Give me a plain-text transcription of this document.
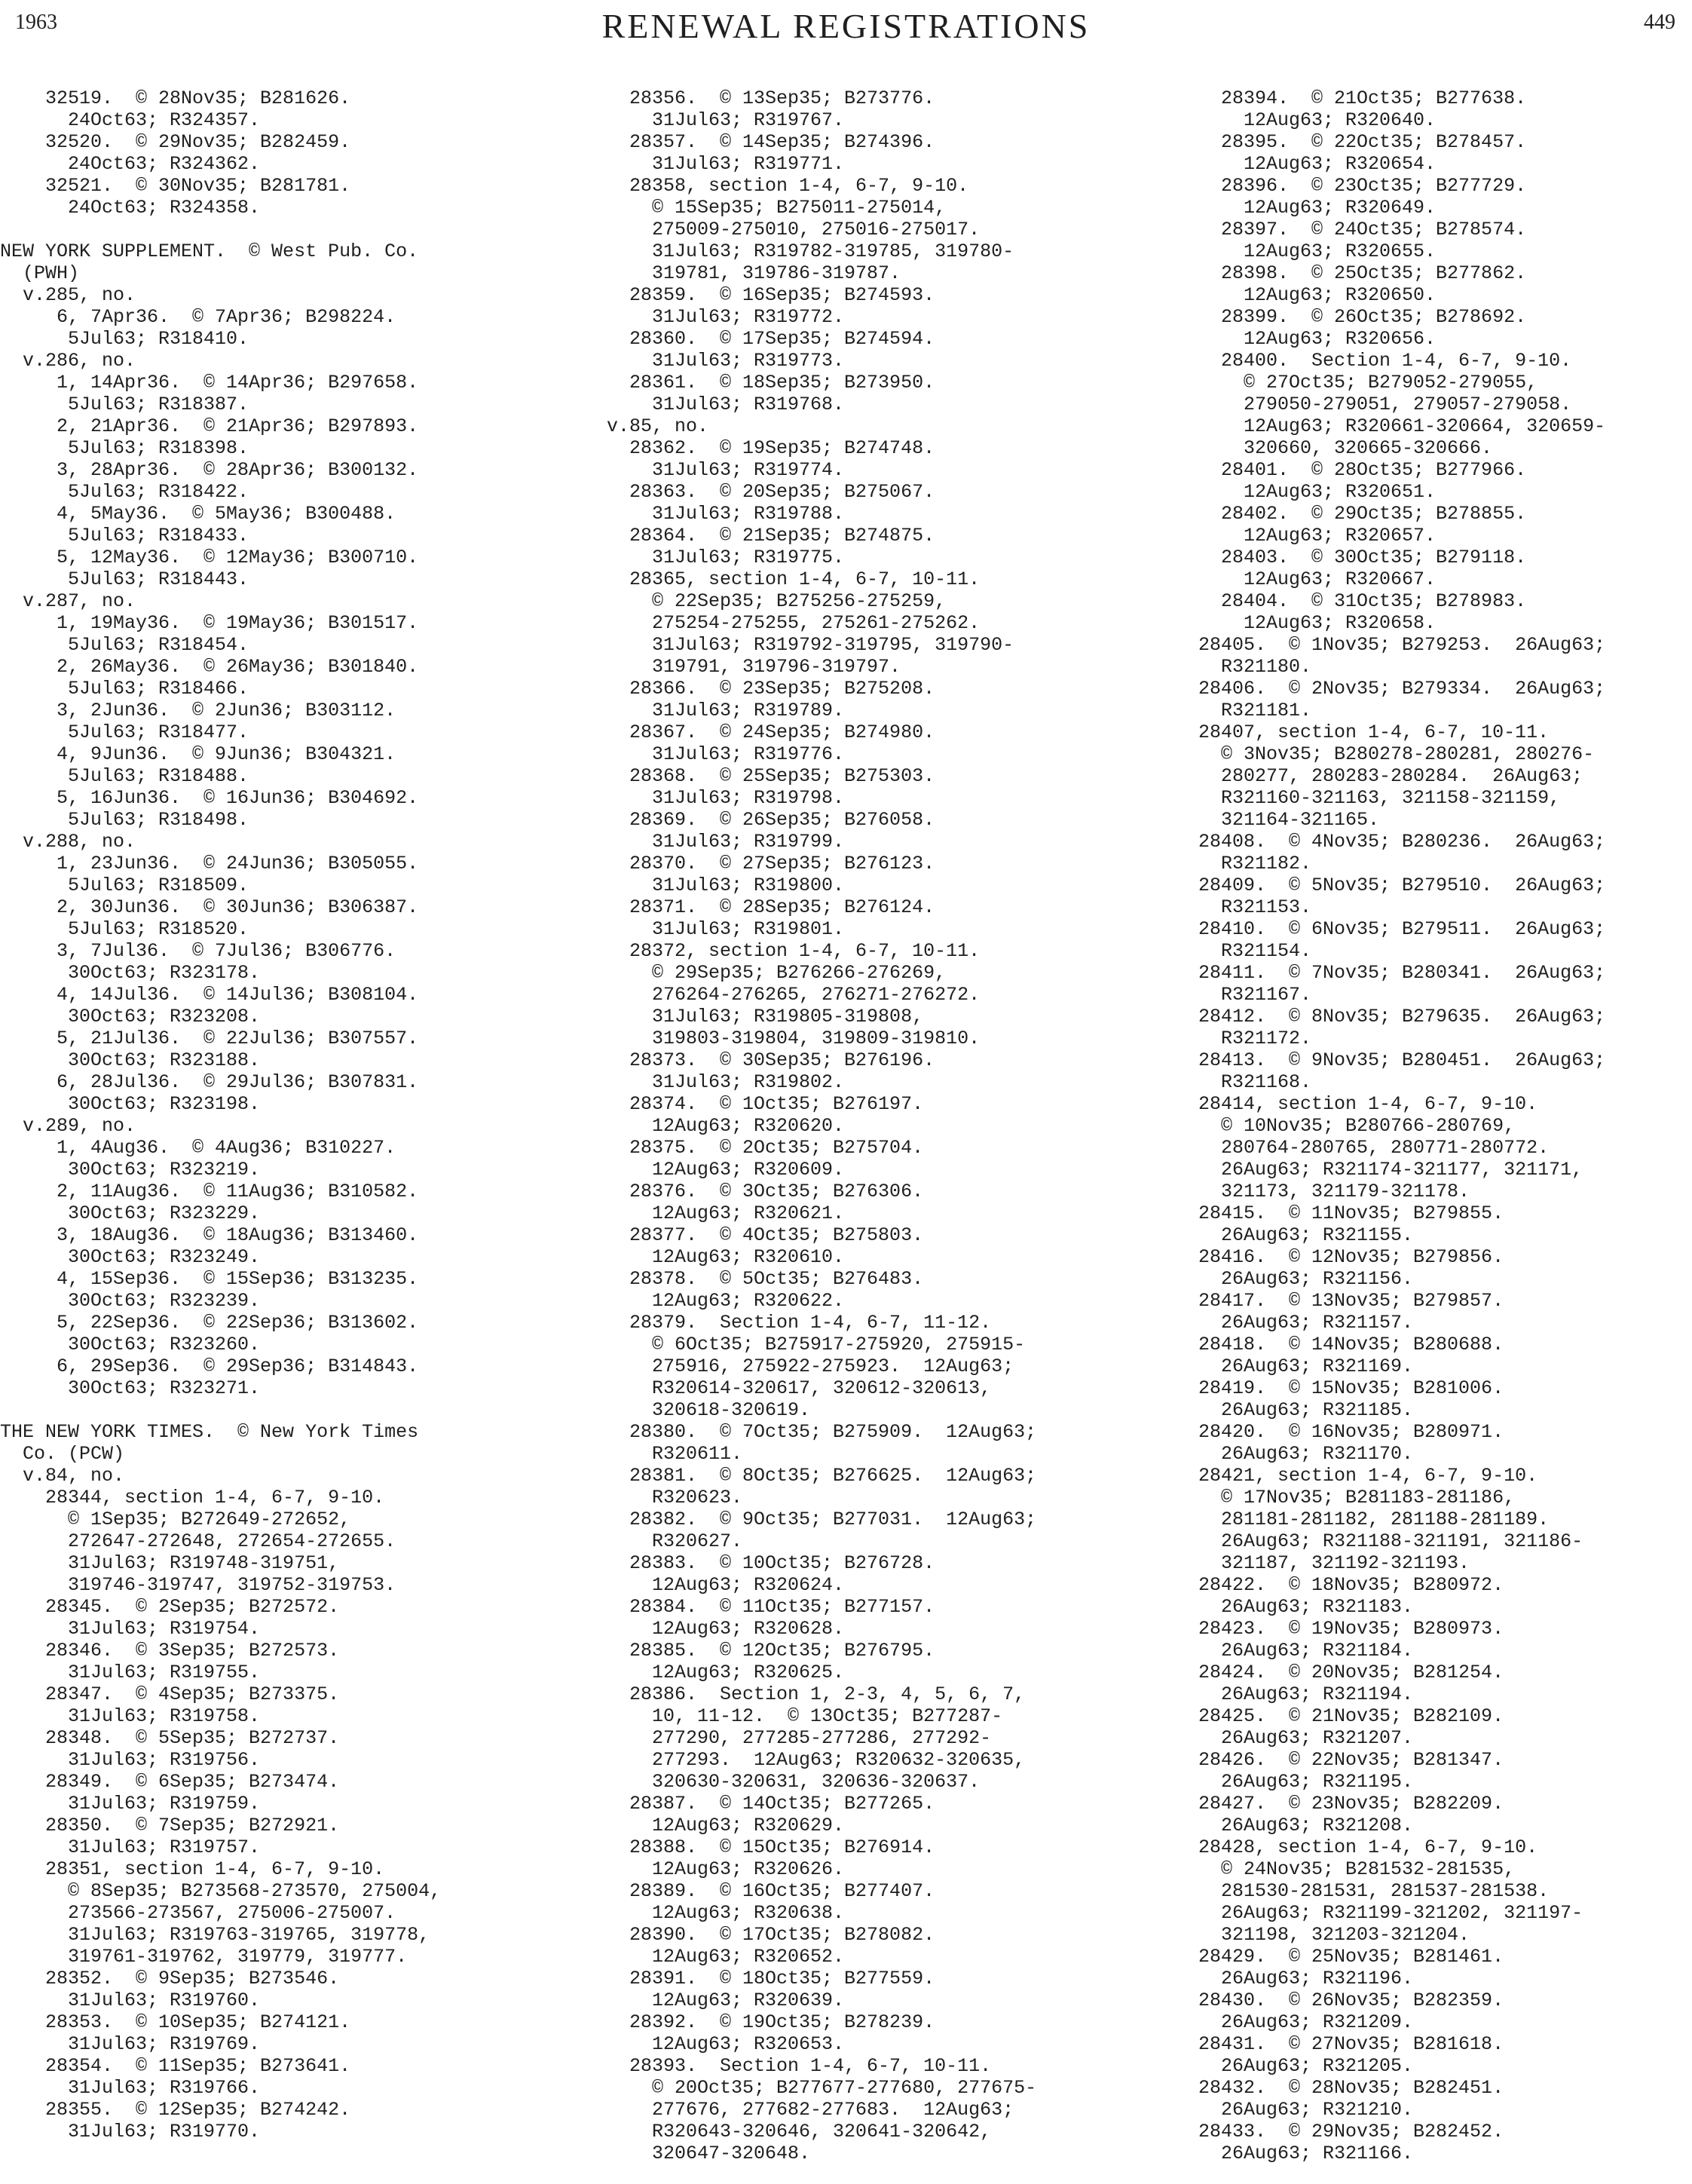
1963	RENEWAL REGISTRATIONS	449
32519.  © 28Nov35; B281626.
24Oct63; R324357.
32520.  © 29Nov35; B282459.
24Oct63; R324362.
32521.  © 30Nov35; B281781.
24Oct63; R324358.
NEW YORK SUPPLEMENT.  © West Pub. Co.
(PWH)
v.285, no.
6, 7Apr36.  © 7Apr36; B298224.
5Jul63; R318410.
v.286, no.
1, 14Apr36.  © 14Apr36; B297658.
5Jul63; R318387.
2, 21Apr36.  © 21Apr36; B297893.
5Jul63; R318398.
3, 28Apr36.  © 28Apr36; B300132.
5Jul63; R318422.
4, 5May36.  © 5May36; B300488.
5Jul63; R318433.
5, 12May36.  © 12May36; B300710.
5Jul63; R318443.
v.287, no.
1, 19May36.  © 19May36; B301517.
5Jul63; R318454.
2, 26May36.  © 26May36; B301840.
5Jul63; R318466.
3, 2Jun36.  © 2Jun36; B303112.
5Jul63; R318477.
4, 9Jun36.  © 9Jun36; B304321.
5Jul63; R318488.
5, 16Jun36.  © 16Jun36; B304692.
5Jul63; R318498.
v.288, no.
1, 23Jun36.  © 24Jun36; B305055.
5Jul63; R318509.
2, 30Jun36.  © 30Jun36; B306387.
5Jul63; R318520.
3, 7Jul36.  © 7Jul36; B306776.
30Oct63; R323178.
4, 14Jul36.  © 14Jul36; B308104.
30Oct63; R323208.
5, 21Jul36.  © 22Jul36; B307557.
30Oct63; R323188.
6, 28Jul36.  © 29Jul36; B307831.
30Oct63; R323198.
v.289, no.
1, 4Aug36.  © 4Aug36; B310227.
30Oct63; R323219.
2, 11Aug36.  © 11Aug36; B310582.
30Oct63; R323229.
3, 18Aug36.  © 18Aug36; B313460.
30Oct63; R323249.
4, 15Sep36.  © 15Sep36; B313235.
30Oct63; R323239.
5, 22Sep36.  © 22Sep36; B313602.
30Oct63; R323260.
6, 29Sep36.  © 29Sep36; B314843.
30Oct63; R323271.
THE NEW YORK TIMES.  © New York Times
Co. (PCW)
v.84, no.
28344, section 1-4, 6-7, 9-10.
© 1Sep35; B272649-272652,
272647-272648, 272654-272655.
31Jul63; R319748-319751,
319746-319747, 319752-319753.
28345.  © 2Sep35; B272572.
31Jul63; R319754.
28346.  © 3Sep35; B272573.
31Jul63; R319755.
28347.  © 4Sep35; B273375.
31Jul63; R319758.
28348.  © 5Sep35; B272737.
31Jul63; R319756.
28349.  © 6Sep35; B273474.
31Jul63; R319759.
28350.  © 7Sep35; B272921.
31Jul63; R319757.
28351, section 1-4, 6-7, 9-10.
© 8Sep35; B273568-273570, 275004,
273566-273567, 275006-275007.
31Jul63; R319763-319765, 319778,
319761-319762, 319779, 319777.
28352.  © 9Sep35; B273546.
31Jul63; R319760.
28353.  © 10Sep35; B274121.
31Jul63; R319769.
28354.  © 11Sep35; B273641.
31Jul63; R319766.
28355.  © 12Sep35; B274242.
31Jul63; R319770.
28356.  © 13Sep35; B273776.
31Jul63; R319767.
28357.  © 14Sep35; B274396.
31Jul63; R319771.
28358, section 1-4, 6-7, 9-10.
© 15Sep35; B275011-275014,
275009-275010, 275016-275017.
31Jul63; R319782-319785, 319780-
319781, 319786-319787.
28359.  © 16Sep35; B274593.
31Jul63; R319772.
28360.  © 17Sep35; B274594.
31Jul63; R319773.
28361.  © 18Sep35; B273950.
31Jul63; R319768.
v.85, no.
28362.  © 19Sep35; B274748.
31Jul63; R319774.
28363.  © 20Sep35; B275067.
31Jul63; R319788.
28364.  © 21Sep35; B274875.
31Jul63; R319775.
28365, section 1-4, 6-7, 10-11.
© 22Sep35; B275256-275259,
275254-275255, 275261-275262.
31Jul63; R319792-319795, 319790-
319791, 319796-319797.
28366.  © 23Sep35; B275208.
31Jul63; R319789.
28367.  © 24Sep35; B274980.
31Jul63; R319776.
28368.  © 25Sep35; B275303.
31Jul63; R319798.
28369.  © 26Sep35; B276058.
31Jul63; R319799.
28370.  © 27Sep35; B276123.
31Jul63; R319800.
28371.  © 28Sep35; B276124.
31Jul63; R319801.
28372, section 1-4, 6-7, 10-11.
© 29Sep35; B276266-276269,
276264-276265, 276271-276272.
31Jul63; R319805-319808,
319803-319804, 319809-319810.
28373.  © 30Sep35; B276196.
31Jul63; R319802.
28374.  © 1Oct35; B276197.
12Aug63; R320620.
28375.  © 2Oct35; B275704.
12Aug63; R320609.
28376.  © 3Oct35; B276306.
12Aug63; R320621.
28377.  © 4Oct35; B275803.
12Aug63; R320610.
28378.  © 5Oct35; B276483.
12Aug63; R320622.
28379.  Section 1-4, 6-7, 11-12.
© 6Oct35; B275917-275920, 275915-
275916, 275922-275923.  12Aug63;
R320614-320617, 320612-320613,
320618-320619.
28380.  © 7Oct35; B275909.  12Aug63;
R320611.
28381.  © 8Oct35; B276625.  12Aug63;
R320623.
28382.  © 9Oct35; B277031.  12Aug63;
R320627.
28383.  © 10Oct35; B276728.
12Aug63; R320624.
28384.  © 11Oct35; B277157.
12Aug63; R320628.
28385.  © 12Oct35; B276795.
12Aug63; R320625.
28386.  Section 1, 2-3, 4, 5, 6, 7,
10, 11-12.  © 13Oct35; B277287-
277290, 277285-277286, 277292-
277293.  12Aug63; R320632-320635,
320630-320631, 320636-320637.
28387.  © 14Oct35; B277265.
12Aug63; R320629.
28388.  © 15Oct35; B276914.
12Aug63; R320626.
28389.  © 16Oct35; B277407.
12Aug63; R320638.
28390.  © 17Oct35; B278082.
12Aug63; R320652.
28391.  © 18Oct35; B277559.
12Aug63; R320639.
28392.  © 19Oct35; B278239.
12Aug63; R320653.
28393.  Section 1-4, 6-7, 10-11.
© 20Oct35; B277677-277680, 277675-
277676, 277682-277683.  12Aug63;
R320643-320646, 320641-320642,
320647-320648.
28394.  © 21Oct35; B277638.
12Aug63; R320640.
28395.  © 22Oct35; B278457.
12Aug63; R320654.
28396.  © 23Oct35; B277729.
12Aug63; R320649.
28397.  © 24Oct35; B278574.
12Aug63; R320655.
28398.  © 25Oct35; B277862.
12Aug63; R320650.
28399.  © 26Oct35; B278692.
12Aug63; R320656.
28400.  Section 1-4, 6-7, 9-10.
© 27Oct35; B279052-279055,
279050-279051, 279057-279058.
12Aug63; R320661-320664, 320659-
320660, 320665-320666.
28401.  © 28Oct35; B277966.
12Aug63; R320651.
28402.  © 29Oct35; B278855.
12Aug63; R320657.
28403.  © 30Oct35; B279118.
12Aug63; R320667.
28404.  © 31Oct35; B278983.
12Aug63; R320658.
28405.  © 1Nov35; B279253.  26Aug63;
R321180.
28406.  © 2Nov35; B279334.  26Aug63;
R321181.
28407, section 1-4, 6-7, 10-11.
© 3Nov35; B280278-280281, 280276-
280277, 280283-280284.  26Aug63;
R321160-321163, 321158-321159,
321164-321165.
28408.  © 4Nov35; B280236.  26Aug63;
R321182.
28409.  © 5Nov35; B279510.  26Aug63;
R321153.
28410.  © 6Nov35; B279511.  26Aug63;
R321154.
28411.  © 7Nov35; B280341.  26Aug63;
R321167.
28412.  © 8Nov35; B279635.  26Aug63;
R321172.
28413.  © 9Nov35; B280451.  26Aug63;
R321168.
28414, section 1-4, 6-7, 9-10.
© 10Nov35; B280766-280769,
280764-280765, 280771-280772.
26Aug63; R321174-321177, 321171,
321173, 321179-321178.
28415.  © 11Nov35; B279855.
26Aug63; R321155.
28416.  © 12Nov35; B279856.
26Aug63; R321156.
28417.  © 13Nov35; B279857.
26Aug63; R321157.
28418.  © 14Nov35; B280688.
26Aug63; R321169.
28419.  © 15Nov35; B281006.
26Aug63; R321185.
28420.  © 16Nov35; B280971.
26Aug63; R321170.
28421, section 1-4, 6-7, 9-10.
© 17Nov35; B281183-281186,
281181-281182, 281188-281189.
26Aug63; R321188-321191, 321186-
321187, 321192-321193.
28422.  © 18Nov35; B280972.
26Aug63; R321183.
28423.  © 19Nov35; B280973.
26Aug63; R321184.
28424.  © 20Nov35; B281254.
26Aug63; R321194.
28425.  © 21Nov35; B282109.
26Aug63; R321207.
28426.  © 22Nov35; B281347.
26Aug63; R321195.
28427.  © 23Nov35; B282209.
26Aug63; R321208.
28428, section 1-4, 6-7, 9-10.
© 24Nov35; B281532-281535,
281530-281531, 281537-281538.
26Aug63; R321199-321202, 321197-
321198, 321203-321204.
28429.  © 25Nov35; B281461.
26Aug63; R321196.
28430.  © 26Nov35; B282359.
26Aug63; R321209.
28431.  © 27Nov35; B281618.
26Aug63; R321205.
28432.  © 28Nov35; B282451.
26Aug63; R321210.
28433.  © 29Nov35; B282452.
26Aug63; R321166.
